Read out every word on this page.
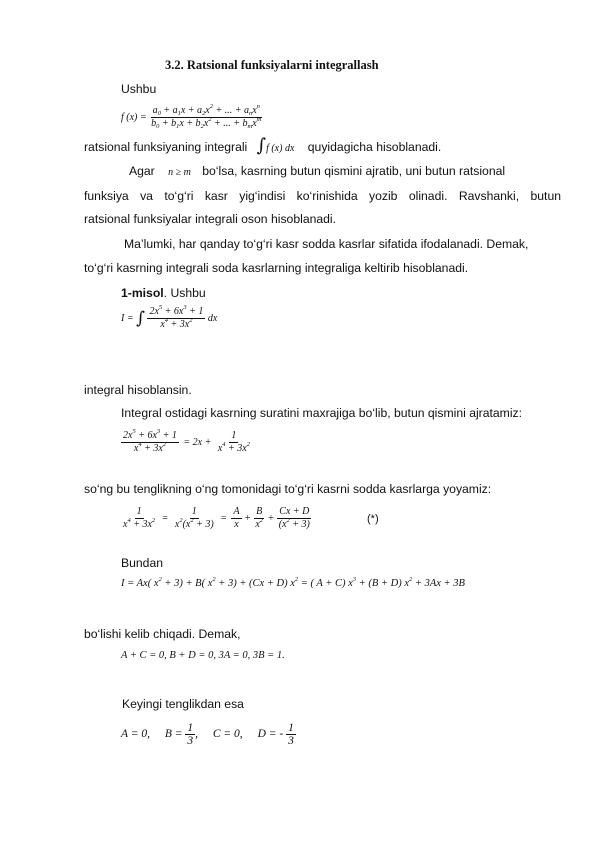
3.2. Ratsional funksiyalarni integrallash
Ushbu
f $(x) = \frac{a_0 + a_1x + a_2x^2 + ... + a_nx^n}{b_0 + b_1x + b_2x^2 + ... + b_mx^m}$
ratsional funksiyaning integrali ∫f (x) dx quyidagicha hisoblanadi.
Agar n ≥ m bo‘lsa, kasrning butun qismini ajratib, uni butun ratsional
funksiya va to‘g‘ri kasr yig‘indisi ko‘rinishida yozib olinadi. Ravshanki, butun
ratsional funksiyalar integrali oson hisoblanadi.
Ma’lumki, har qanday to‘g‘ri kasr sodda kasrlar sifatida ifodalanadi. Demak,
to‘g‘ri kasrning integrali soda kasrlarning integraliga keltirib hisoblanadi.
1-misol. Ushbu
I = ∫ $\frac{2x^5 + 6x^3 + 1}{x^4 + 3x^2}$ dx
integral hisoblansin.
Integral ostidagi kasrning suratini maxrajiga bo‘lib, butun qismini ajratamiz:
$\frac{2x^5 + 6x^3 + 1}{x^4 + 3x^2} = 2x + \frac{1}{x^4 + 3x^2}$
so‘ng bu tenglikning o‘ng tomonidagi to‘g‘ri kasrni sodda kasrlarga yoyamiz:
$\frac{1}{x^4 + 3x^2} = \frac{1}{x^2(x^2 + 3)} = \frac{A}{x} + \frac{B}{x^2} + \frac{Cx + D}{(x^2 + 3)}$	(*)
Bundan
I = Ax( $x^2 + 3) + B$( $x^2 + 3) + (Cx + D)$ $x^2$ = ( A + C) $x^3 + (B + D) x^2 + 3Ax + 3B$
bo‘lishi kelib chiqadi. Demak,
A + C = 0, B + D = 0, 3A = 0, 3B = 1.
Keyingi tenglikdan esa
A = 0, $B = \frac{1}{3}$ , C = 0, D = - $\frac{1}{3}$
